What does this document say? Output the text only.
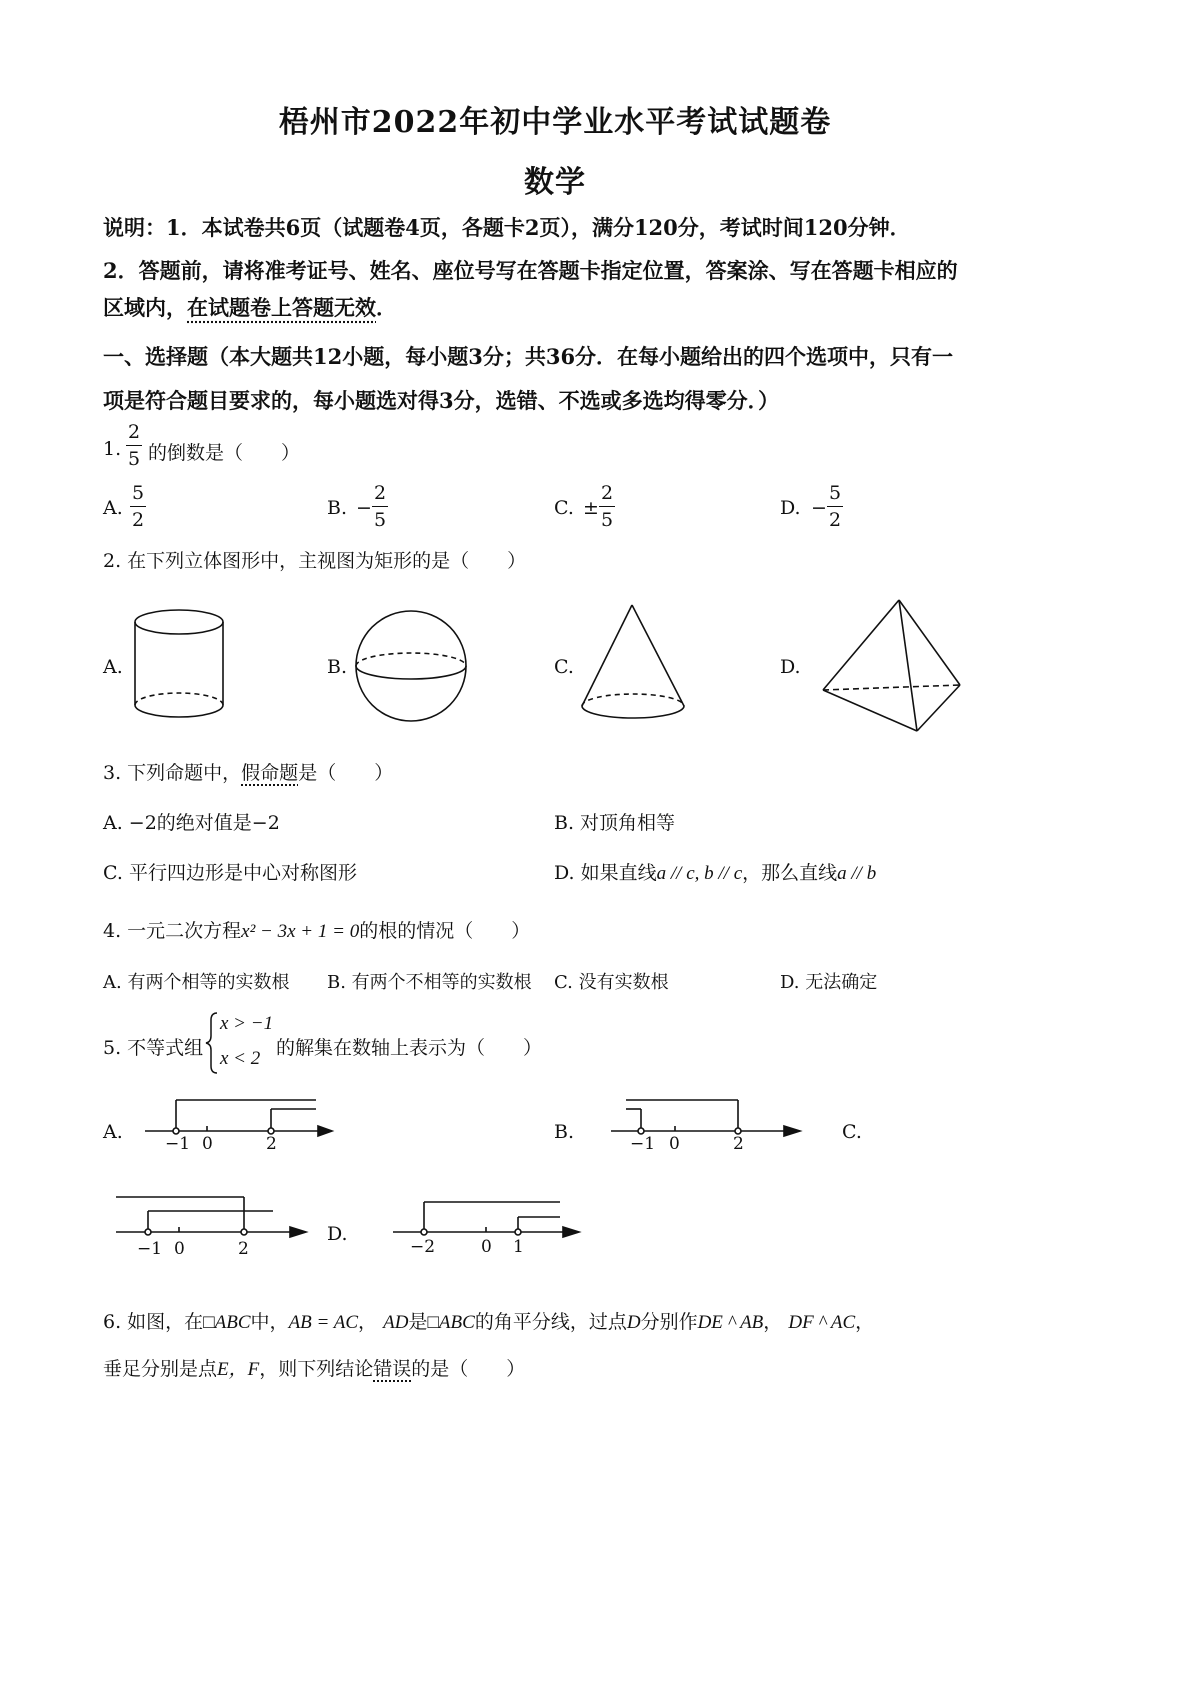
梧州市2022年初中学业水平考试试题卷
数学
说明：1．本试卷共6页（试题卷4页，各题卡2页），满分120分，考试时间120分钟．
2．答题前，请将准考证号、姓名、座位号写在答题卡指定位置，答案涂、写在答题卡相应的
区域内，在试题卷上答题无效．
一、选择题（本大题共12小题，每小题3分；共36分．在每小题给出的四个选项中，只有一
项是符合题目要求的，每小题选对得3分，选错、不选或多选均得零分．）
1. $\frac{2}{5}$ 的倒数是（　　）
A. $\frac{5}{2}$	B. − $\frac{2}{5}$	C. ± $\frac{2}{5}$	D. − $\frac{5}{2}$
2. 在下列立体图形中，主视图为矩形的是（　　）
A.	B.	C.	D.
3. 下列命题中，假命题是（　　）
A. −2的绝对值是−2	B. 对顶角相等
C. 平行四边形是中心对称图形	D. 如果直线a // c, b // c，那么直线a // b
4. 一元二次方程x² − 3x + 1 = 0的根的情况（　　）
A. 有两个相等的实数根 B. 有两个不相等的实数根 C. 没有实数根	D. 无法确定
5. 不等式组
x > −1
x < 2 的解集在数轴上表示为（　　）
A.
−1 0	2
B.
−1 0	2
C.
−1 0	2
D.
−2	0 1
6. 如图，在□ABC中，AB = AC， AD是□ABC的角平分线，过点D分别作DE ^ AB， DF ^ AC，
垂足分别是点E，F，则下列结论错误的是（　　）
